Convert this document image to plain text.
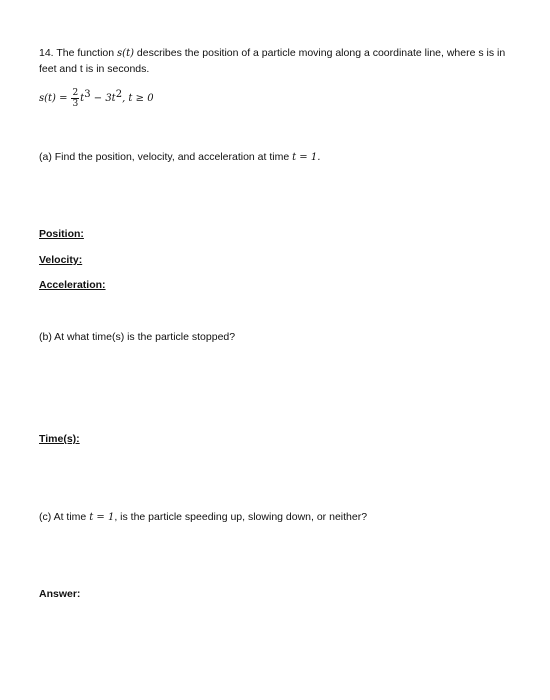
14. The function s(t) describes the position of a particle moving along a coordinate line, where s is in
feet and t is in seconds.
$s(t) = \frac{2}{3} t^3 - 3t^2$, t ≥ 0
(a) Find the position, velocity, and acceleration at time t = 1.
Position:
Velocity:
Acceleration:
(b) At what time(s) is the particle stopped?
Time(s):
(c) At time t = 1, is the particle speeding up, slowing down, or neither?
Answer:
